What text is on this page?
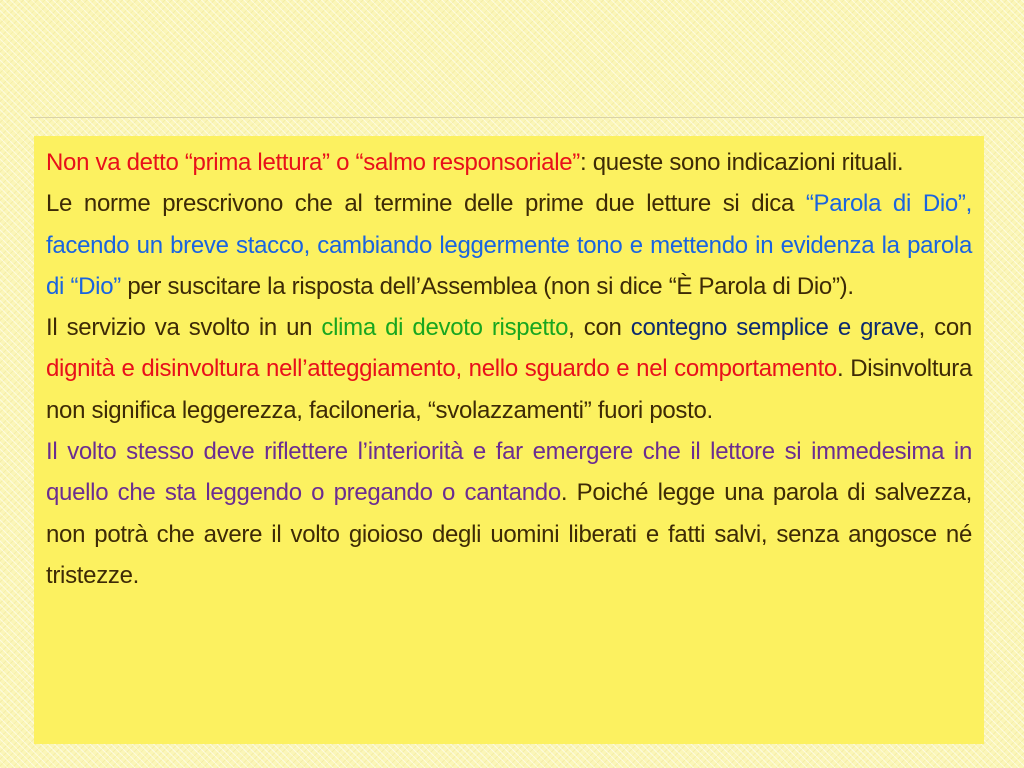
Non va detto “prima lettura” o “salmo responsoriale”: queste sono indicazioni rituali.

Le norme prescrivono che al termine delle prime due letture si dica “Parola di Dio”, facendo un breve stacco, cambiando leggermente tono e mettendo in evidenza la parola di “Dio” per suscitare la risposta dell’Assemblea (non si dice “È Parola di Dio”).

Il servizio va svolto in un clima di devoto rispetto, con contegno semplice e grave, con dignità e disinvoltura nell’atteggiamento, nello sguardo e nel comportamento. Disinvoltura non significa leggerezza, faciloneria, “svolazzamenti” fuori posto.

Il volto stesso deve riflettere l’interiorità e far emergere che il lettore si immedesima in quello che sta leggendo o pregando o cantando. Poiché legge una parola di salvezza, non potrà che avere il volto gioioso degli uomini liberati e fatti salvi, senza angosce né tristezze.
